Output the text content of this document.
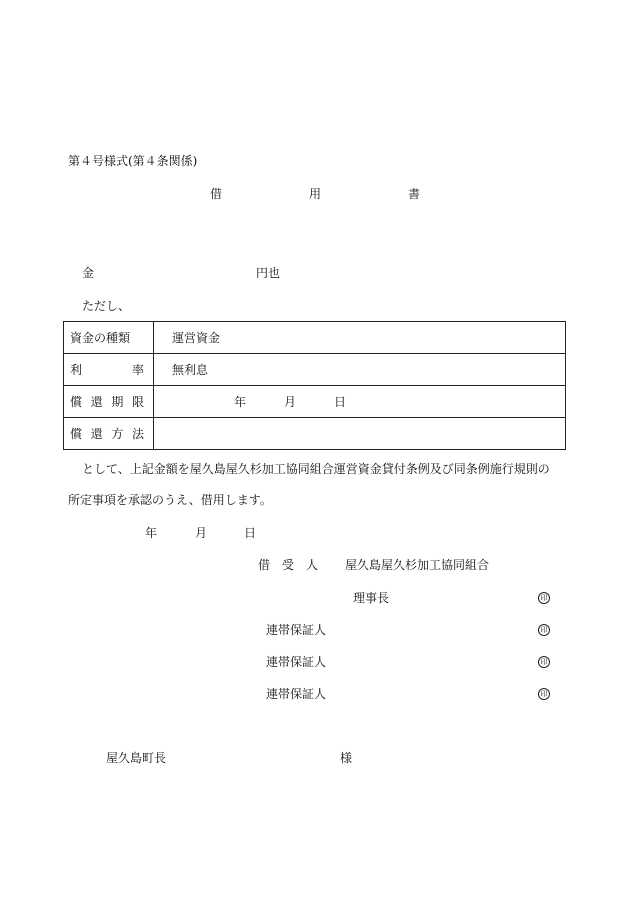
第４号様式(第４条関係)
借	用	書
金	円也
ただし、
資金の種類	運営資金

利 率	無利息

償 還 期 限	年 月 日

償 還 方 法	

として、上記金額を屋久島屋久杉加工協同組合運営資金貸付条例及び同条例施行規則の
所定事項を承認のうえ、借用します。
年	月	日
借　受　人 屋久島屋久杉加工協同組合
理事長	印
連帯保証人	印
連帯保証人	印
連帯保証人	印
屋久島町長	様
